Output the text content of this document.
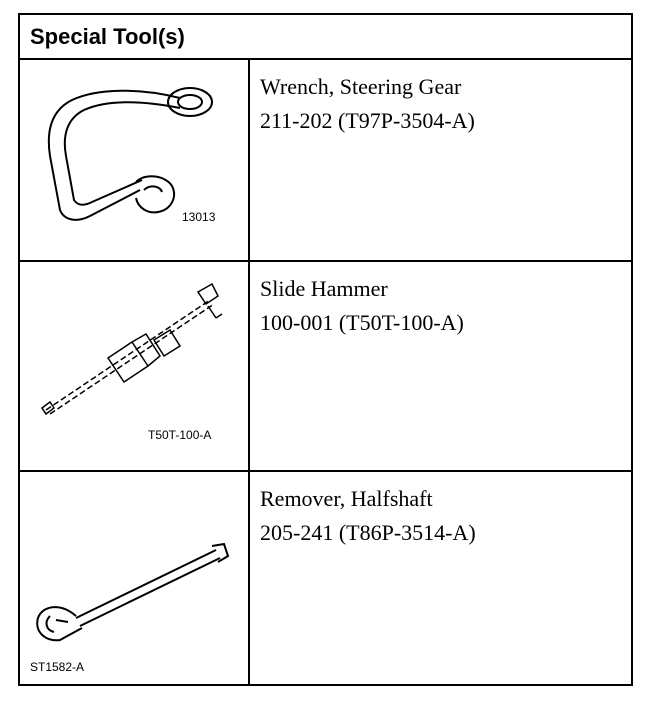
Special Tool(s)
13013
Wrench, Steering Gear
211-202 (T97P-3504-A)
T50T-100-A
Slide Hammer
100-001 (T50T-100-A)
ST1582-A
Remover, Halfshaft
205-241 (T86P-3514-A)
